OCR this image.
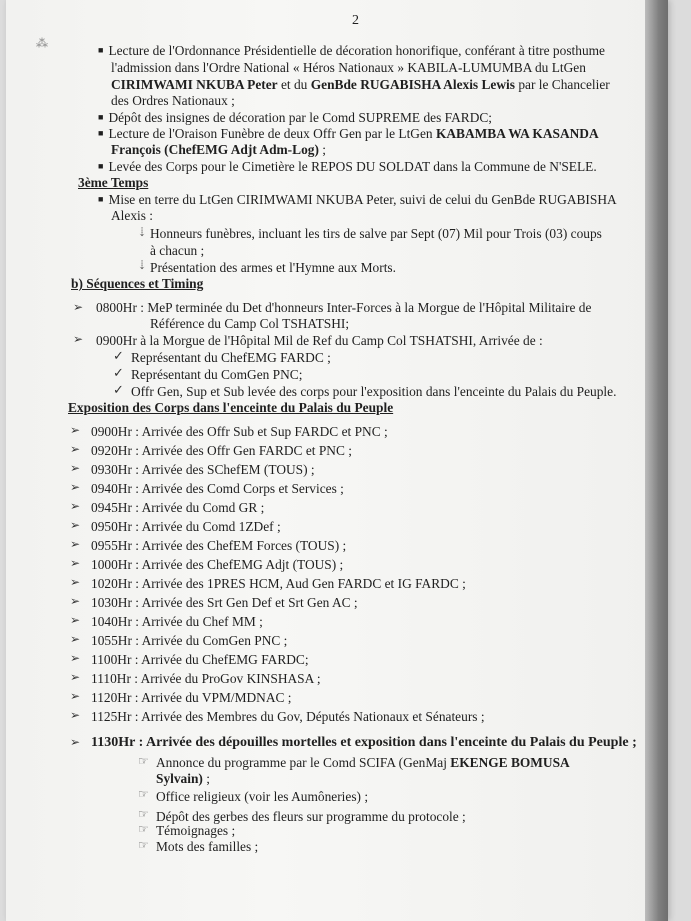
⁂
2
■ Lecture de l'Ordonnance Présidentielle de décoration honorifique, conférant à titre posthume
l'admission dans l'Ordre National « Héros Nationaux » KABILA-LUMUMBA du LtGen
CIRIMWAMI NKUBA Peter et du GenBde RUGABISHA Alexis Lewis par le Chancelier
des Ordres Nationaux ;
■ Dépôt des insignes de décoration par le Comd SUPREME des FARDC;
■ Lecture de l'Oraison Funèbre de deux Offr Gen par le LtGen KABAMBA WA KASANDA
François (ChefEMG Adjt Adm-Log) ;
■ Levée des Corps pour le Cimetière le REPOS DU SOLDAT dans la Commune de N'SELE.
3ème Temps
■ Mise en terre du LtGen CIRIMWAMI NKUBA Peter, suivi de celui du GenBde RUGABISHA
Alexis :
⇣ Honneurs funèbres, incluant les tirs de salve par Sept (07) Mil pour Trois (03) coups
à chacun ;
⇣ Présentation des armes et l'Hymne aux Morts.
b) Séquences et Timing
➢ 0800Hr : MeP terminée du Det d'honneurs Inter-Forces à la Morgue de l'Hôpital Militaire de
Référence du Camp Col TSHATSHI;
➢ 0900Hr à la Morgue de l'Hôpital Mil de Ref du Camp Col TSHATSHI, Arrivée de :
✓ Représentant du ChefEMG FARDC ;
✓ Représentant du ComGen PNC;
✓ Offr Gen, Sup et Sub levée des corps pour l'exposition dans l'enceinte du Palais du Peuple.
Exposition des Corps dans l'enceinte du Palais du Peuple
➢ 0900Hr : Arrivée des Offr Sub et Sup FARDC et PNC ;
➢ 0920Hr : Arrivée des Offr Gen FARDC et PNC ;
➢ 0930Hr : Arrivée des SChefEM (TOUS) ;
➢ 0940Hr : Arrivée des Comd Corps et Services ;
➢ 0945Hr : Arrivée du Comd GR ;
➢ 0950Hr : Arrivée du Comd 1ZDef ;
➢ 0955Hr : Arrivée des ChefEM Forces (TOUS) ;
➢ 1000Hr : Arrivée des ChefEMG Adjt (TOUS) ;
➢ 1020Hr : Arrivée des 1PRES HCM, Aud Gen FARDC et IG FARDC ;
➢ 1030Hr : Arrivée des Srt Gen Def et Srt Gen AC ;
➢ 1040Hr : Arrivée du Chef MM ;
➢ 1055Hr : Arrivée du ComGen PNC ;
➢ 1100Hr : Arrivée du ChefEMG FARDC;
➢ 1110Hr : Arrivée du ProGov KINSHASA ;
➢ 1120Hr : Arrivée du VPM/MDNAC ;
➢ 1125Hr : Arrivée des Membres du Gov, Députés Nationaux et Sénateurs ;
➢ 1130Hr : Arrivée des dépouilles mortelles et exposition dans l'enceinte du Palais du Peuple ;
☞ Annonce du programme par le Comd SCIFA (GenMaj EKENGE BOMUSA
Sylvain) ;
☞ Office religieux (voir les Aumôneries) ;
☞ Dépôt des gerbes des fleurs sur programme du protocole ;
☞ Témoignages ;
☞ Mots des familles ;
